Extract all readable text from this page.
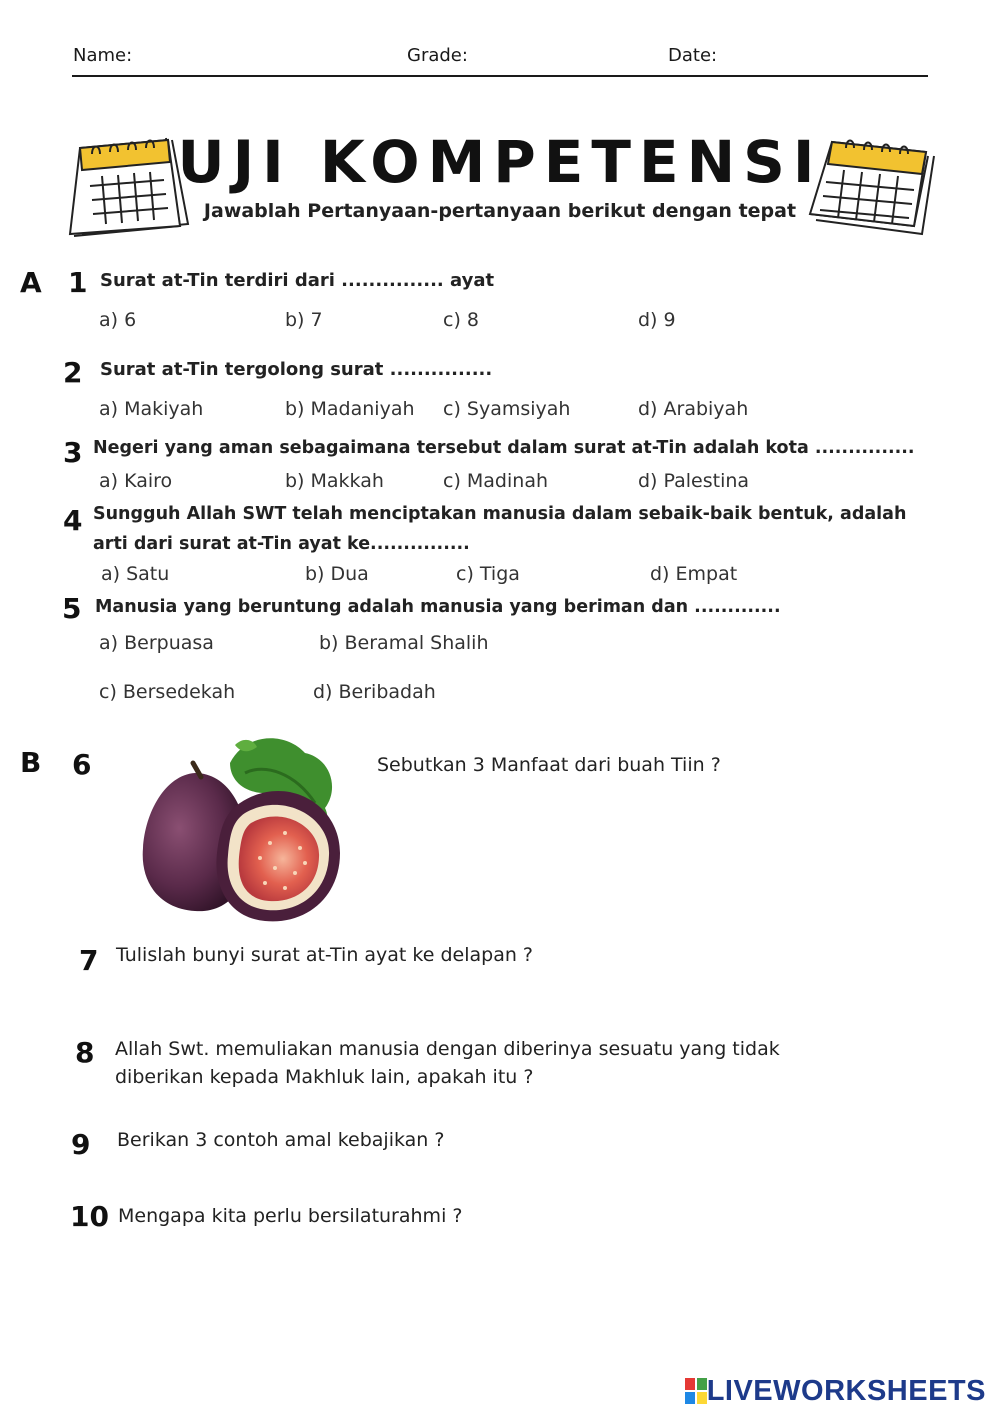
Name:	Grade:	Date:
UJI KOMPETENSI
Jawablah Pertanyaan-pertanyaan berikut dengan tepat
A 1 Surat at-Tin terdiri dari ............... ayat
a) 6	b) 7	c) 8	d) 9
2 Surat at-Tin tergolong surat ...............
a) Makiyah	b) Madaniyah c) Syamsiyah	d) Arabiyah
3 Negeri yang aman sebagaimana tersebut dalam surat at-Tin adalah kota ...............
a) Kairo	b) Makkah	c) Madinah	d) Palestina
4 Sungguh Allah SWT telah menciptakan manusia dalam sebaik-baik bentuk, adalah
arti dari surat at-Tin ayat ke...............
a) Satu	b) Dua	c) Tiga	d) Empat
5 Manusia yang beruntung adalah manusia yang beriman dan .............
a) Berpuasa	b) Beramal Shalih
c) Bersedekah	d) Beribadah
B 6	Sebutkan 3 Manfaat dari buah Tiin ?
7 Tulislah bunyi surat at-Tin ayat ke delapan ?
8 Allah Swt. memuliakan manusia dengan diberinya sesuatu yang tidak
diberikan kepada Makhluk lain, apakah itu ?
9 Berikan 3 contoh amal kebajikan ?
10 Mengapa kita perlu bersilaturahmi ?
LIVEWORKSHEETS
